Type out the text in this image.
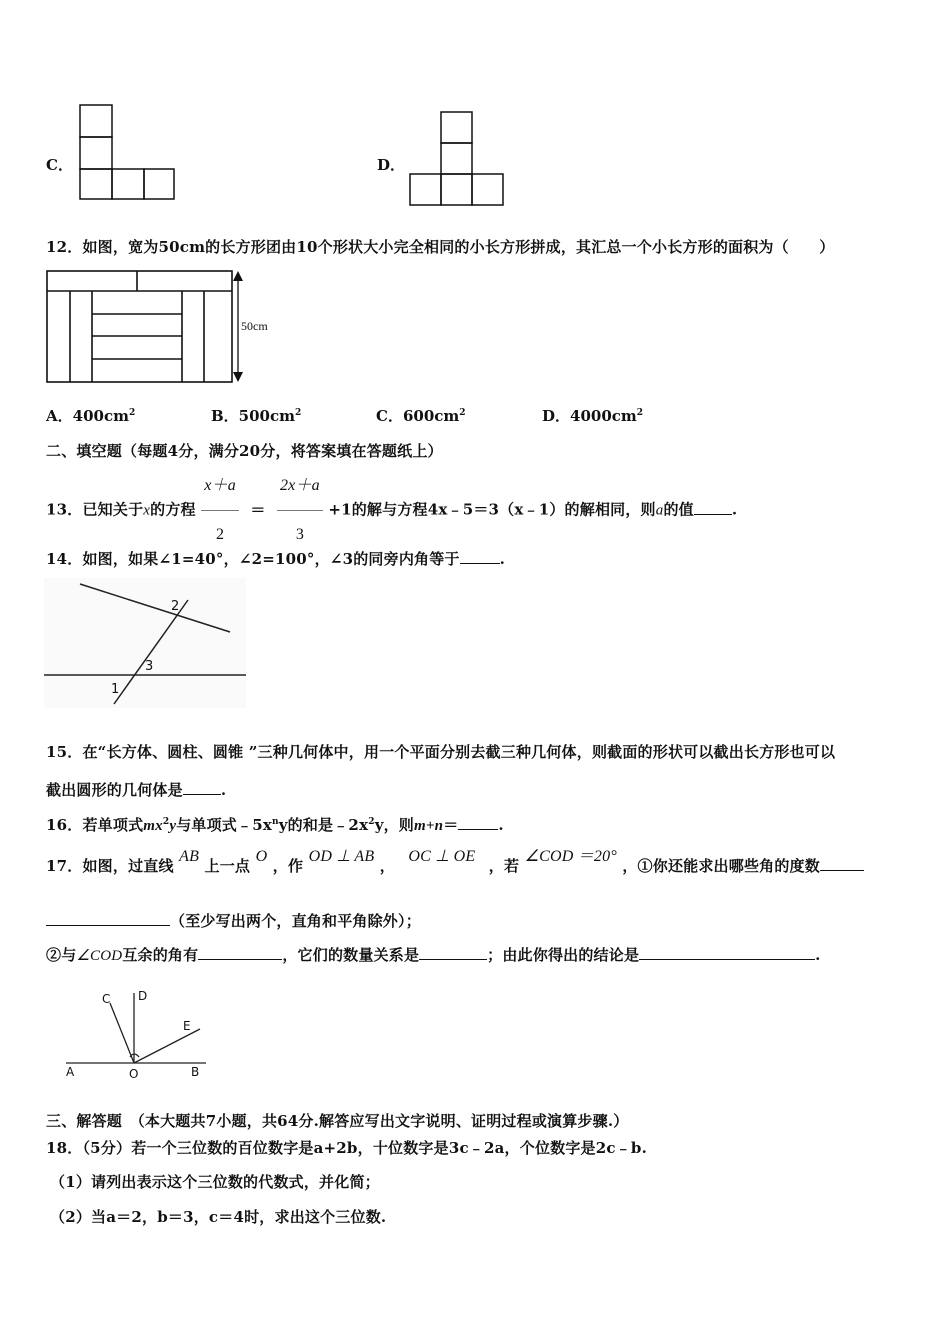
C．	D．
12．如图，宽为50cm的长方形团由10个形状大小完全相同的小长方形拼成，其汇总一个小长方形的面积为（　　）
50cm
A．$400cm^2$	B．$500cm^2$	C．$600cm^2$	D．$4000cm^2$
二、填空题（每题4分，满分20分，将答案填在答题纸上）
13．已知关于x的方程 $\frac{x+a}{2} = \frac{2x+a}{3} +1$的解与方程4x﹣5＝3（x﹣1）的解相同，则a的值	.
14．如图，如果∠1=40°，∠2=100°，∠3的同旁内角等于	.
2
3
1
15．在“长方体、圆柱、圆锥 ”三种几何体中，用一个平面分别去截三种几何体，则截面的形状可以截出长方形也可以
截出圆形的几何体是	.
16．若单项式$mx^2y$与单项式$﹣5x^ny$的和是$﹣2x^2y$，则m+n＝	.
17．如图，过直线 AB 上一点 O ，作 OD ⊥ AB ， OC ⊥ OE ，若 ∠COD ＝20° ，①你还能求出哪些角的度数
（至少写出两个，直角和平角除外）；
②与∠COD互余的角有	，它们的数量关系是	；由此你得出的结论是	.
C D
E
A	O	B
三、解答题　（本大题共7小题，共64分.解答应写出文字说明、证明过程或演算步骤.）
18．（5分）若一个三位数的百位数字是a+2b，十位数字是3c﹣2a，个位数字是2c﹣b.
（1）请列出表示这个三位数的代数式，并化简；
（2）当a＝2，b＝3，c＝4时，求出这个三位数.
